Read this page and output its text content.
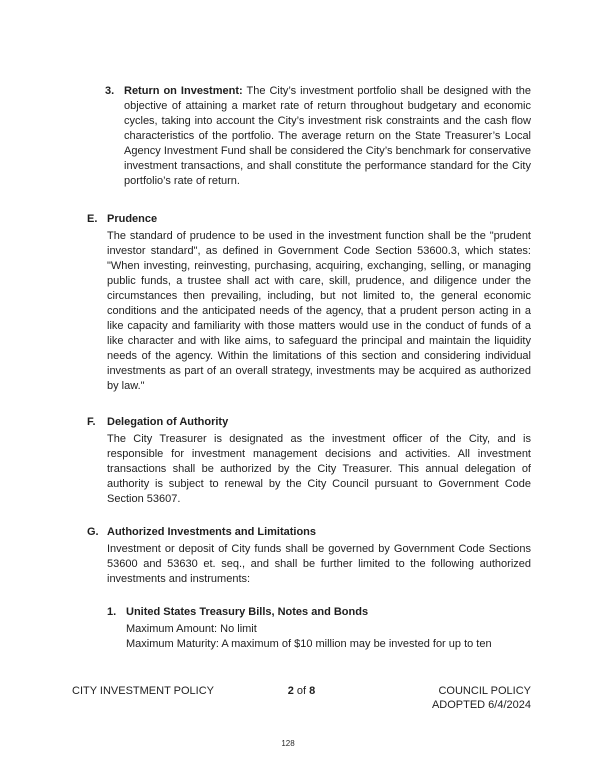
3. Return on Investment: The City’s investment portfolio shall be designed with the objective of attaining a market rate of return throughout budgetary and economic cycles, taking into account the City’s investment risk constraints and the cash flow characteristics of the portfolio. The average return on the State Treasurer’s Local Agency Investment Fund shall be considered the City’s benchmark for conservative investment transactions, and shall constitute the performance standard for the City portfolio’s rate of return.
E. Prudence
The standard of prudence to be used in the investment function shall be the "prudent investor standard", as defined in Government Code Section 53600.3, which states: "When investing, reinvesting, purchasing, acquiring, exchanging, selling, or managing public funds, a trustee shall act with care, skill, prudence, and diligence under the circumstances then prevailing, including, but not limited to, the general economic conditions and the anticipated needs of the agency, that a prudent person acting in a like capacity and familiarity with those matters would use in the conduct of funds of a like character and with like aims, to safeguard the principal and maintain the liquidity needs of the agency. Within the limitations of this section and considering individual investments as part of an overall strategy, investments may be acquired as authorized by law."
F.	Delegation of Authority
The City Treasurer is designated as the investment officer of the City, and is responsible for investment management decisions and activities. All investment transactions shall be authorized by the City Treasurer. This annual delegation of authority is subject to renewal by the City Council pursuant to Government Code Section 53607.
G. Authorized Investments and Limitations
Investment or deposit of City funds shall be governed by Government Code Sections 53600 and 53630 et. seq., and shall be further limited to the following authorized investments and instruments:
1. United States Treasury Bills, Notes and Bonds
Maximum Amount: No limit
Maximum Maturity: A maximum of $10 million may be invested for up to ten
CITY INVESTMENT POLICY	2 of 8	COUNCIL POLICY
ADOPTED 6/4/2024
128
